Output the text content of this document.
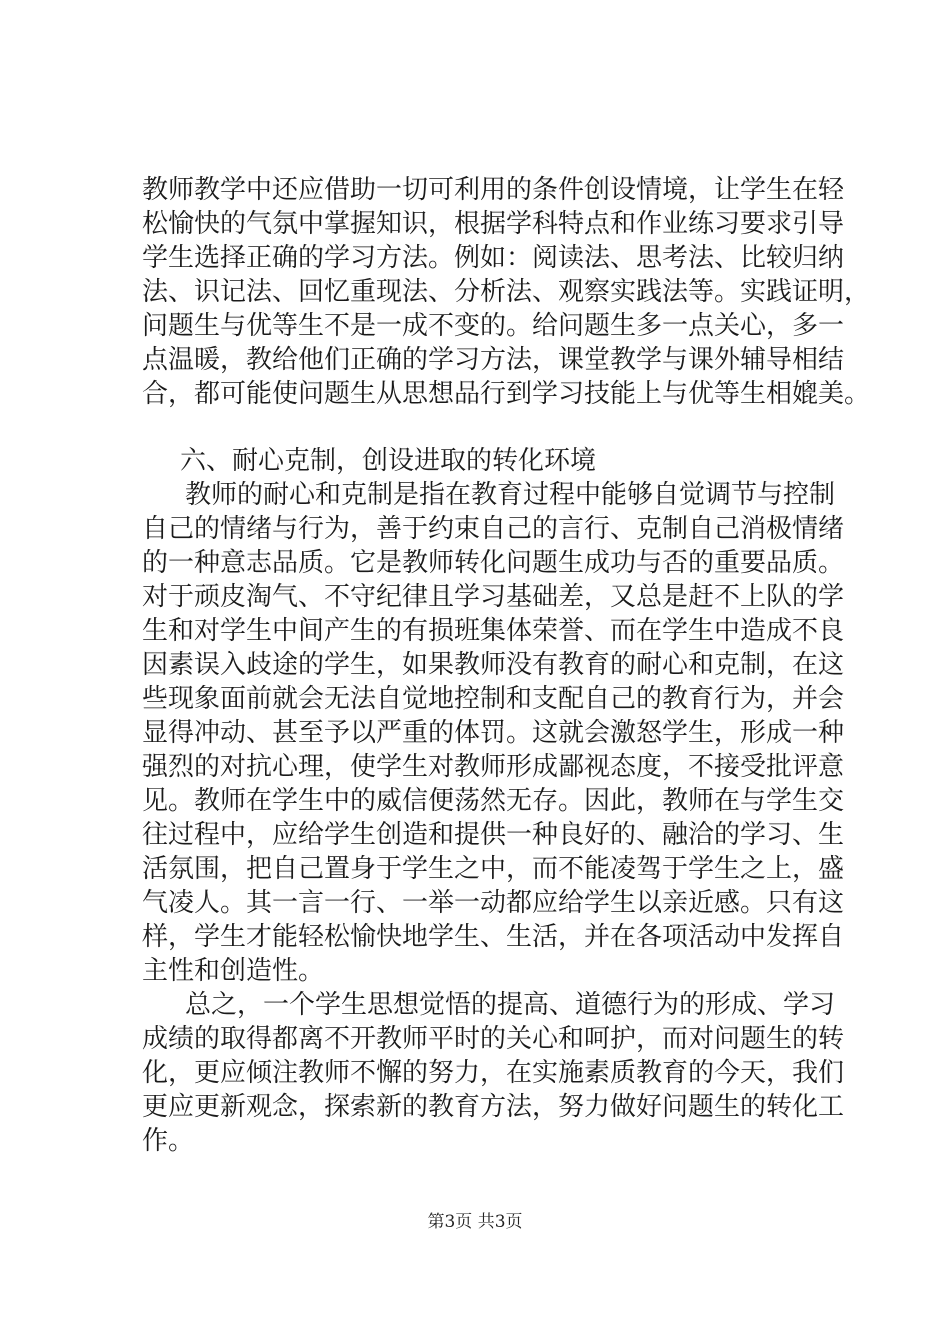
教师教学中还应借助一切可利用的条件创设情境，让学生在轻
松愉快的气氛中掌握知识，根据学科特点和作业练习要求引导
学生选择正确的学习方法。例如：阅读法、思考法、比较归纳
法、识记法、回忆重现法、分析法、观察实践法等。实践证明，
问题生与优等生不是一成不变的。给问题生多一点关心，多一
点温暖，教给他们正确的学习方法，课堂教学与课外辅导相结
合，都可能使问题生从思想品行到学习技能上与优等生相媲美。
六、耐心克制，创设进取的转化环境
教师的耐心和克制是指在教育过程中能够自觉调节与控制
自己的情绪与行为，善于约束自己的言行、克制自己消极情绪
的一种意志品质。它是教师转化问题生成功与否的重要品质。
对于顽皮淘气、不守纪律且学习基础差，又总是赶不上队的学
生和对学生中间产生的有损班集体荣誉、而在学生中造成不良
因素误入歧途的学生，如果教师没有教育的耐心和克制，在这
些现象面前就会无法自觉地控制和支配自己的教育行为，并会
显得冲动、甚至予以严重的体罚。这就会激怒学生，形成一种
强烈的对抗心理，使学生对教师形成鄙视态度，不接受批评意
见。教师在学生中的威信便荡然无存。因此，教师在与学生交
往过程中，应给学生创造和提供一种良好的、融洽的学习、生
活氛围，把自己置身于学生之中，而不能凌驾于学生之上，盛
气凌人。其一言一行、一举一动都应给学生以亲近感。只有这
样，学生才能轻松愉快地学生、生活，并在各项活动中发挥自
主性和创造性。
总之，一个学生思想觉悟的提高、道德行为的形成、学习
成绩的取得都离不开教师平时的关心和呵护，而对问题生的转
化，更应倾注教师不懈的努力，在实施素质教育的今天，我们
更应更新观念，探索新的教育方法，努力做好问题生的转化工
作。
第3页 共3页
